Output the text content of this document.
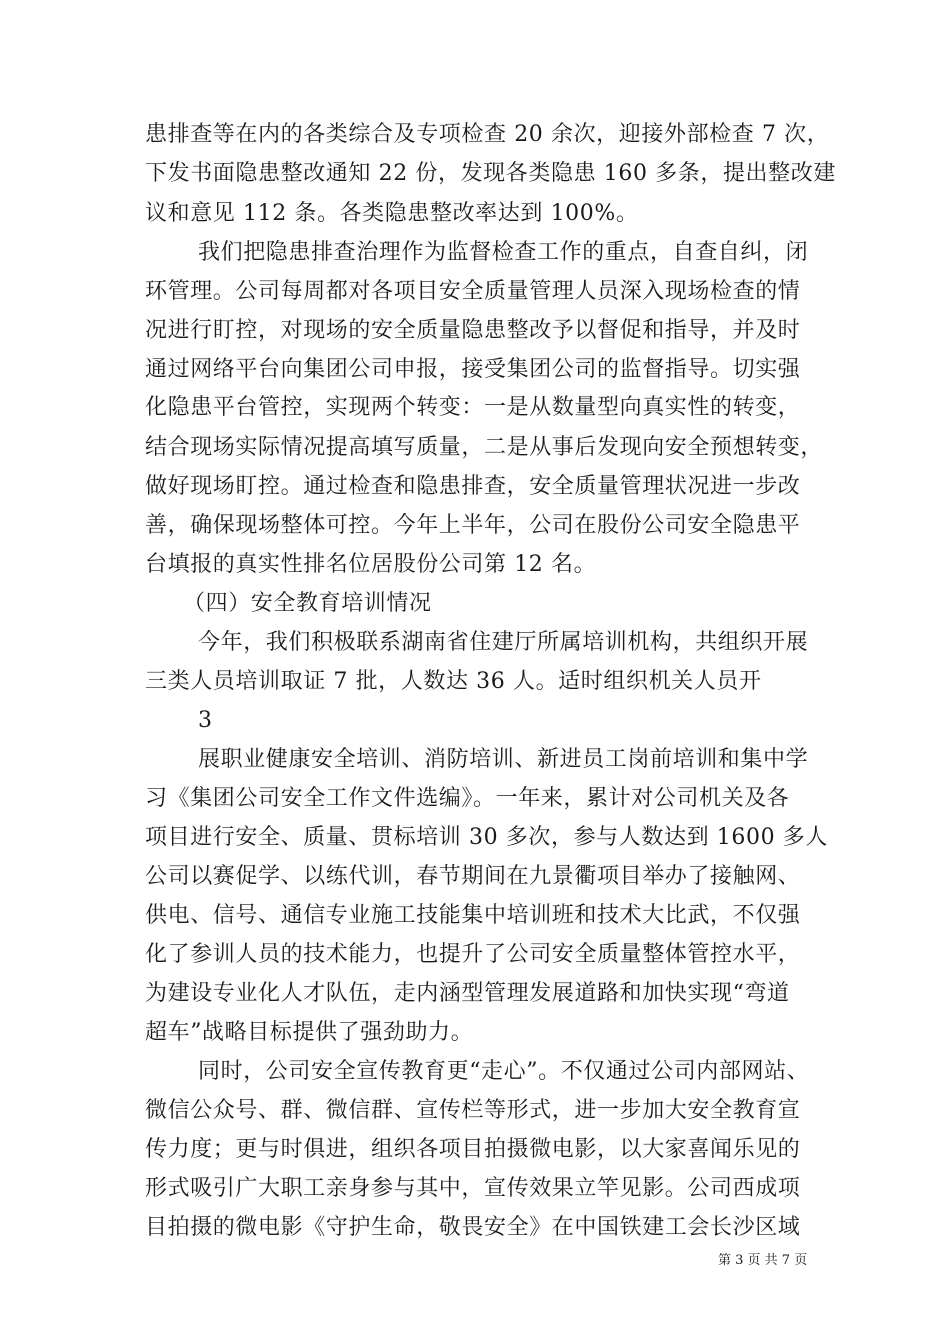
患排查等在内的各类综合及专项检查 20 余次，迎接外部检查 7 次，
下发书面隐患整改通知 22 份，发现各类隐患 160 多条，提出整改建
议和意见 112 条。各类隐患整改率达到 100%。
我们把隐患排查治理作为监督检查工作的重点，自查自纠，闭
环管理。公司每周都对各项目安全质量管理人员深入现场检查的情
况进行盯控，对现场的安全质量隐患整改予以督促和指导，并及时
通过网络平台向集团公司申报，接受集团公司的监督指导。切实强
化隐患平台管控，实现两个转变：一是从数量型向真实性的转变，
结合现场实际情况提高填写质量，二是从事后发现向安全预想转变，
做好现场盯控。通过检查和隐患排查，安全质量管理状况进一步改
善，确保现场整体可控。今年上半年，公司在股份公司安全隐患平
台填报的真实性排名位居股份公司第 12 名。
（四）安全教育培训情况
今年，我们积极联系湖南省住建厅所属培训机构，共组织开展
三类人员培训取证 7 批，人数达 36 人。适时组织机关人员开
3
展职业健康安全培训、消防培训、新进员工岗前培训和集中学
习《集团公司安全工作文件选编》。一年来，累计对公司机关及各
项目进行安全、质量、贯标培训 30 多次，参与人数达到 1600 多人
公司以赛促学、以练代训，春节期间在九景衢项目举办了接触网、
供电、信号、通信专业施工技能集中培训班和技术大比武，不仅强
化了参训人员的技术能力，也提升了公司安全质量整体管控水平，
为建设专业化人才队伍，走内涵型管理发展道路和加快实现“弯道
超车”战略目标提供了强劲助力。
同时，公司安全宣传教育更“走心”。不仅通过公司内部网站、
微信公众号、群、微信群、宣传栏等形式，进一步加大安全教育宣
传力度；更与时俱进，组织各项目拍摄微电影，以大家喜闻乐见的
形式吸引广大职工亲身参与其中，宣传效果立竿见影。公司西成项
目拍摄的微电影《守护生命，敬畏安全》在中国铁建工会长沙区域
第 3 页 共 7 页
